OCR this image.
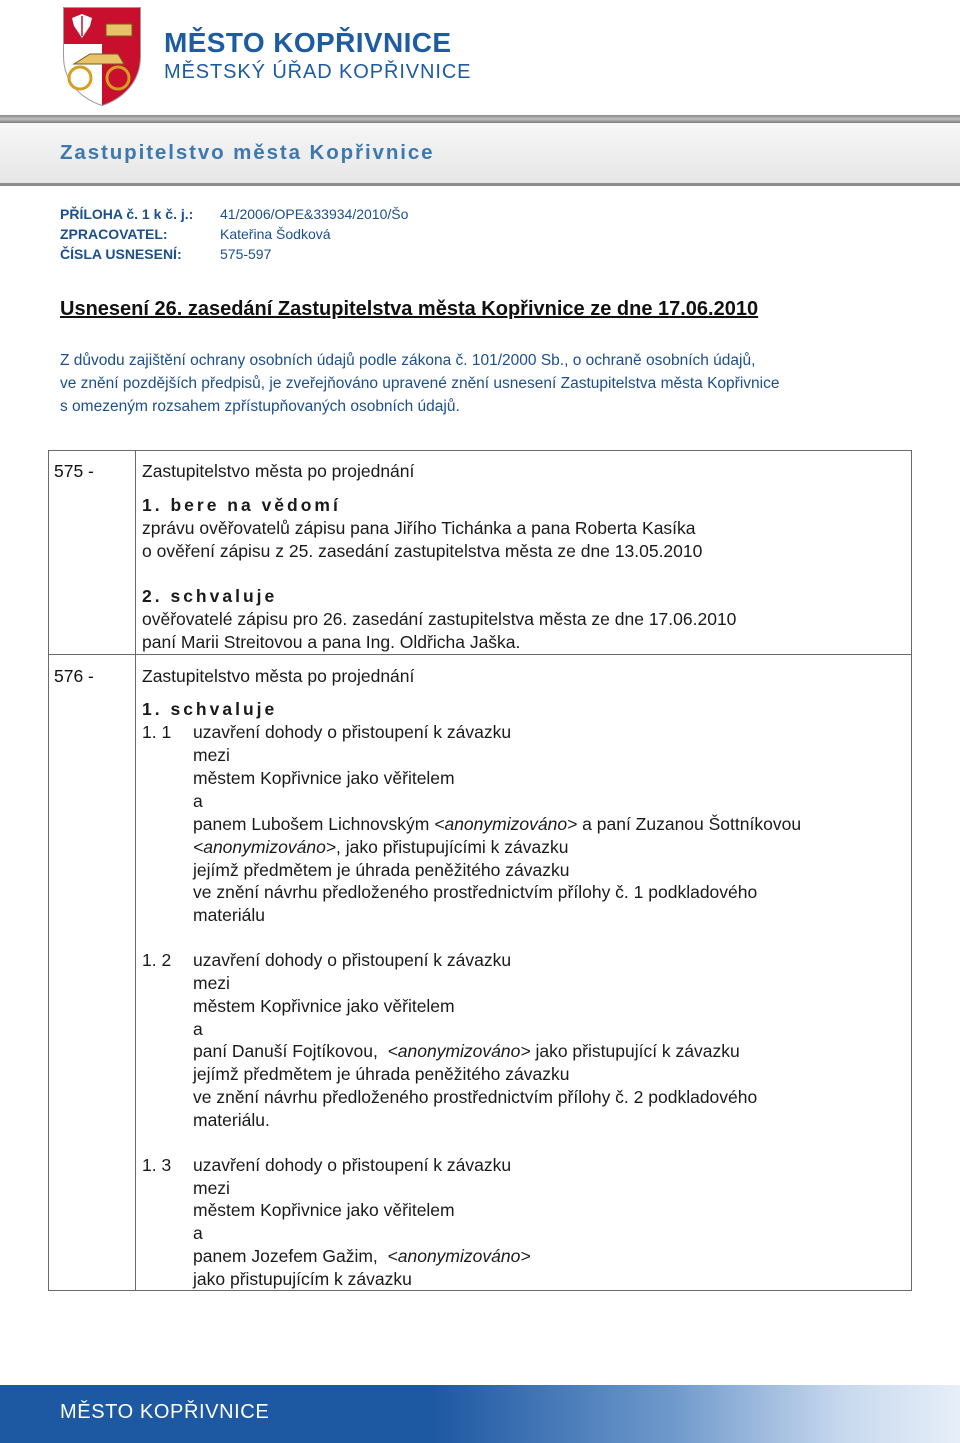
MĚSTO KOPŘIVNICE
MĚSTSKÝ ÚŘAD KOPŘIVNICE
Zastupitelstvo města Kopřivnice
PŘÍLOHA č. 1 k č. j.: 41/2006/OPE&33934/2010/Šo
ZPRACOVATEL:	Kateřina Šodková
ČÍSLA USNESENÍ:	575-597
Usnesení 26. zasedání Zastupitelstva města Kopřivnice ze dne 17.06.2010
Z důvodu zajištění ochrany osobních údajů podle zákona č. 101/2000 Sb., o ochraně osobních údajů,
ve znění pozdějších předpisů, je zveřejňováno upravené znění usnesení Zastupitelstva města Kopřivnice
s omezeným rozsahem zpřístupňovaných osobních údajů.
575 -	Zastupitelstvo města po projednání
1. bere na vědomí
zprávu ověřovatelů zápisu pana Jiřího Tichánka a pana Roberta Kasíka
o ověření zápisu z 25. zasedání zastupitelstva města ze dne 13.05.2010
2. schvaluje
ověřovatelé zápisu pro 26. zasedání zastupitelstva města ze dne 17.06.2010
paní Marii Streitovou a pana Ing. Oldřicha Jaška.
576 -	Zastupitelstvo města po projednání
1. schvaluje
1. 1 uzavření dohody o přistoupení k závazku
mezi
městem Kopřivnice jako věřitelem
a
panem Lubošem Lichnovským <anonymizováno> a paní Zuzanou Šottníkovou
<anonymizováno>, jako přistupujícími k závazku
jejímž předmětem je úhrada peněžitého závazku
ve znění návrhu předloženého prostřednictvím přílohy č. 1 podkladového
materiálu
1. 2 uzavření dohody o přistoupení k závazku
mezi
městem Kopřivnice jako věřitelem
a
paní Danuší Fojtíkovou, <anonymizováno> jako přistupující k závazku
jejímž předmětem je úhrada peněžitého závazku
ve znění návrhu předloženého prostřednictvím přílohy č. 2 podkladového
materiálu.
1. 3 uzavření dohody o přistoupení k závazku
mezi
městem Kopřivnice jako věřitelem
a
panem Jozefem Gažim, <anonymizováno>
jako přistupujícím k závazku
MĚSTO KOPŘIVNICE
